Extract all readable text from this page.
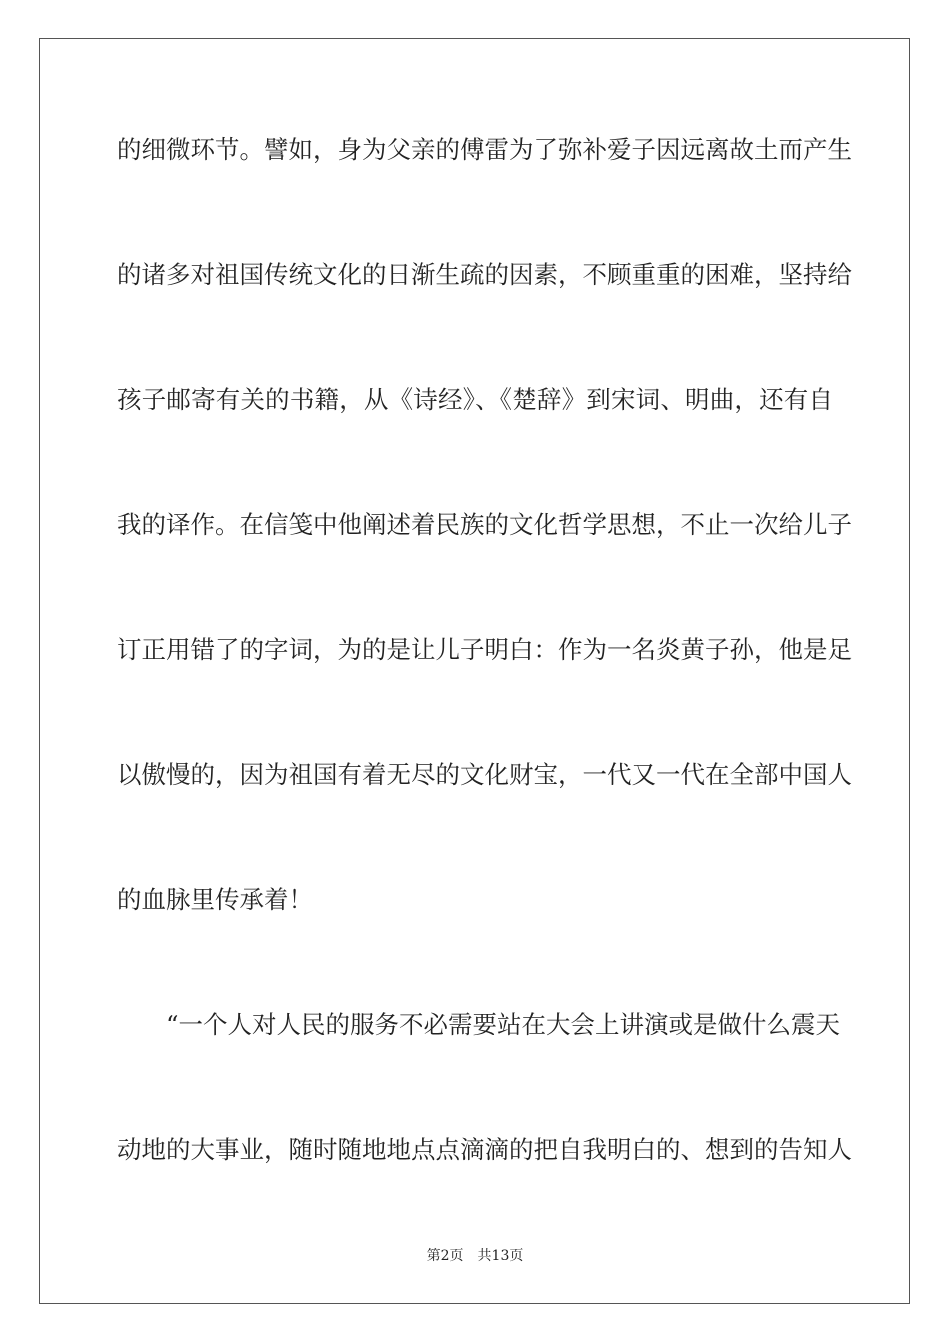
的细微环节。譬如，身为父亲的傅雷为了弥补爱子因远离故土而产生
的诸多对祖国传统文化的日渐生疏的因素，不顾重重的困难，坚持给
孩子邮寄有关的书籍，从《诗经》、《楚辞》到宋词、明曲，还有自
我的译作。在信笺中他阐述着民族的文化哲学思想，不止一次给儿子
订正用错了的字词，为的是让儿子明白：作为一名炎黄子孙，他是足
以傲慢的，因为祖国有着无尽的文化财宝，一代又一代在全部中国人
的血脉里传承着！
“一个人对人民的服务不必需要站在大会上讲演或是做什么震天
动地的大事业，随时随地地点点滴滴的把自我明白的、想到的告知人
第2页 共13页
